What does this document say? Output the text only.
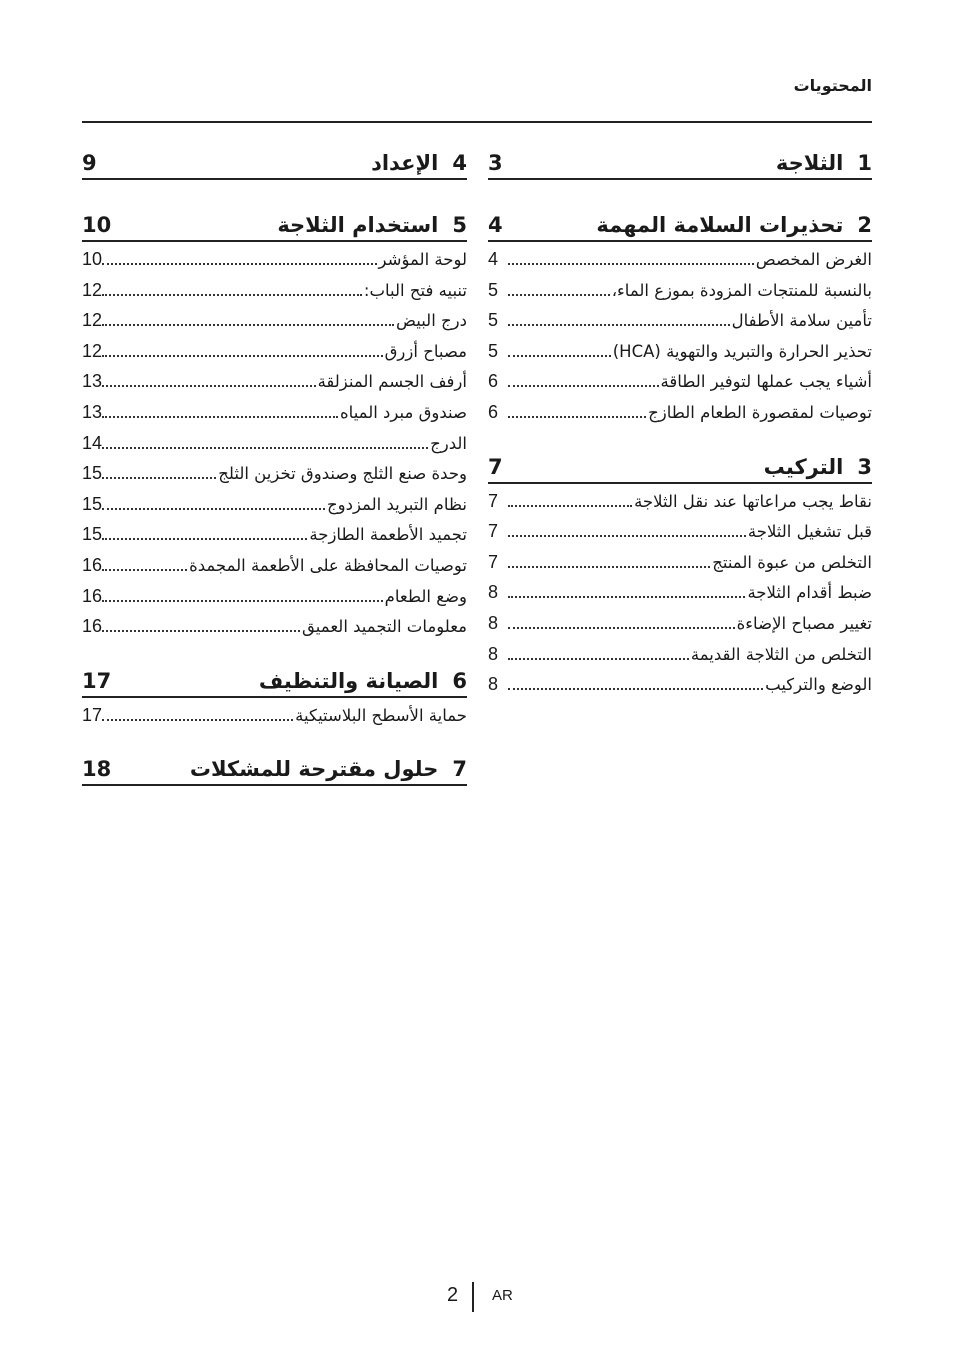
المحتويات
3	1الثلاجة
4	2تحذيرات السلامة المهمة
4	الغرض المخصص
5	بالنسبة للمنتجات المزودة بموزع الماء،
5	تأمين سلامة الأطفال
5	تحذير الحرارة والتبريد والتهوية (HCA)
6	أشياء يجب عملها لتوفير الطاقة
6	توصيات لمقصورة الطعام الطازج
7	3التركيب
7	نقاط يجب مراعاتها عند نقل الثلاجة
7	قبل تشغيل الثلاجة
7	التخلص من عبوة المنتج
8	ضبط أقدام الثلاجة
8	تغيير مصباح الإضاءة
8	التخلص من الثلاجة القديمة
8	الوضع والتركيب
9	4الإعداد
10	5استخدام الثلاجة
10	لوحة المؤشر
12	تنبيه فتح الباب:
12	درج البيض
12	مصباح أزرق
13	أرفف الجسم المنزلقة
13	صندوق مبرد المياه
14	الدرج
15	وحدة صنع الثلج وصندوق تخزين الثلج
15	نظام التبريد المزدوج
15	تجميد الأطعمة الطازجة
16	توصيات المحافظة على الأطعمة المجمدة
16	وضع الطعام
16	معلومات التجميد العميق
17	6الصيانة والتنظيف
17	حماية الأسطح البلاستيكية
18	7حلول مقترحة للمشكلات
2 AR
